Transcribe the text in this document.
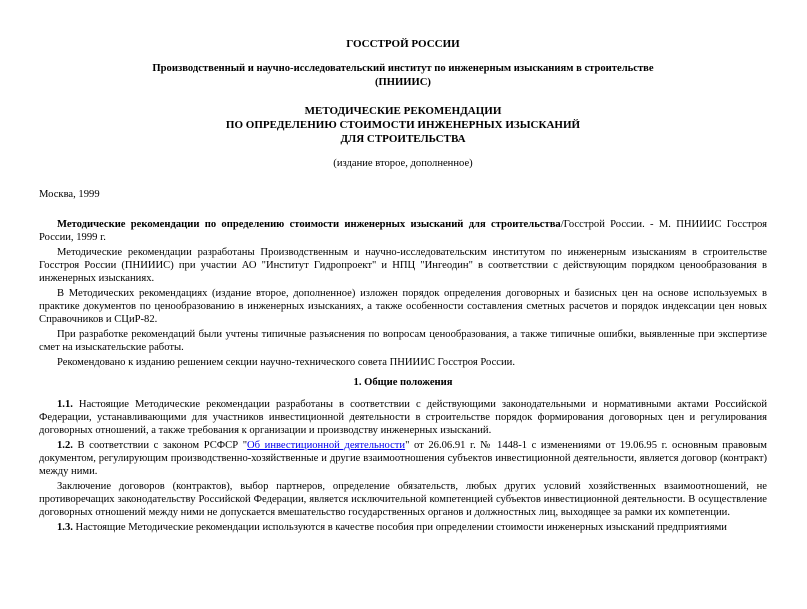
ГОССТРОЙ РОССИИ
Производственный и научно-исследовательский институт по инженерным изысканиям в строительстве
(ПНИИИС)
МЕТОДИЧЕСКИЕ РЕКОМЕНДАЦИИ
ПО ОПРЕДЕЛЕНИЮ СТОИМОСТИ ИНЖЕНЕРНЫХ ИЗЫСКАНИЙ
ДЛЯ СТРОИТЕЛЬСТВА
(издание второе, дополненное)
Москва, 1999

Методические рекомендации по определению стоимости инженерных изысканий для строительства/Госстрой России. - М. ПНИИИС Госстроя России, 1999 г.

Методические рекомендации разработаны Производственным и научно-исследовательским институтом по инженерным изысканиям в строительстве Госстроя России (ПНИИИС) при участии АО "Институт Гидропроект" и НПЦ "Ингеодин" в соответствии с действующим порядком ценообразования в инженерных изысканиях.

В Методических рекомендациях (издание второе, дополненное) изложен порядок определения договорных и базисных цен на основе используемых в практике документов по ценообразованию в инженерных изысканиях, а также особенности составления сметных расчетов и порядок индексации цен новых Справочников и СЦиР-82.

При разработке рекомендаций были учтены типичные разъяснения по вопросам ценообразования, а также типичные ошибки, выявленные при экспертизе смет на изыскательские работы.

Рекомендовано к изданию решением секции научно-технического совета ПНИИИС Госстроя России.

1. Общие положения

1.1. Настоящие Методические рекомендации разработаны в соответствии с действующими законодательными и нормативными актами Российской Федерации, устанавливающими для участников инвестиционной деятельности в строительстве порядок формирования договорных цен и регулирования договорных отношений, а также требования к организации и производству инженерных изысканий.

1.2. В соответствии с законом РСФСР "Об инвестиционной деятельности" от 26.06.91 г. № 1448-1 с изменениями от 19.06.95 г. основным правовым документом, регулирующим производственно-хозяйственные и другие взаимоотношения субъектов инвестиционной деятельности, является договор (контракт) между ними.

Заключение договоров (контрактов), выбор партнеров, определение обязательств, любых других условий хозяйственных взаимоотношений, не противоречащих законодательству Российской Федерации, является исключительной компетенцией субъектов инвестиционной деятельности. В осуществление договорных отношений между ними не допускается вмешательство государственных органов и должностных лиц, выходящее за рамки их компетенции.

1.3. Настоящие Методические рекомендации используются в качестве пособия при определении стоимости инженерных изысканий предприятиями
